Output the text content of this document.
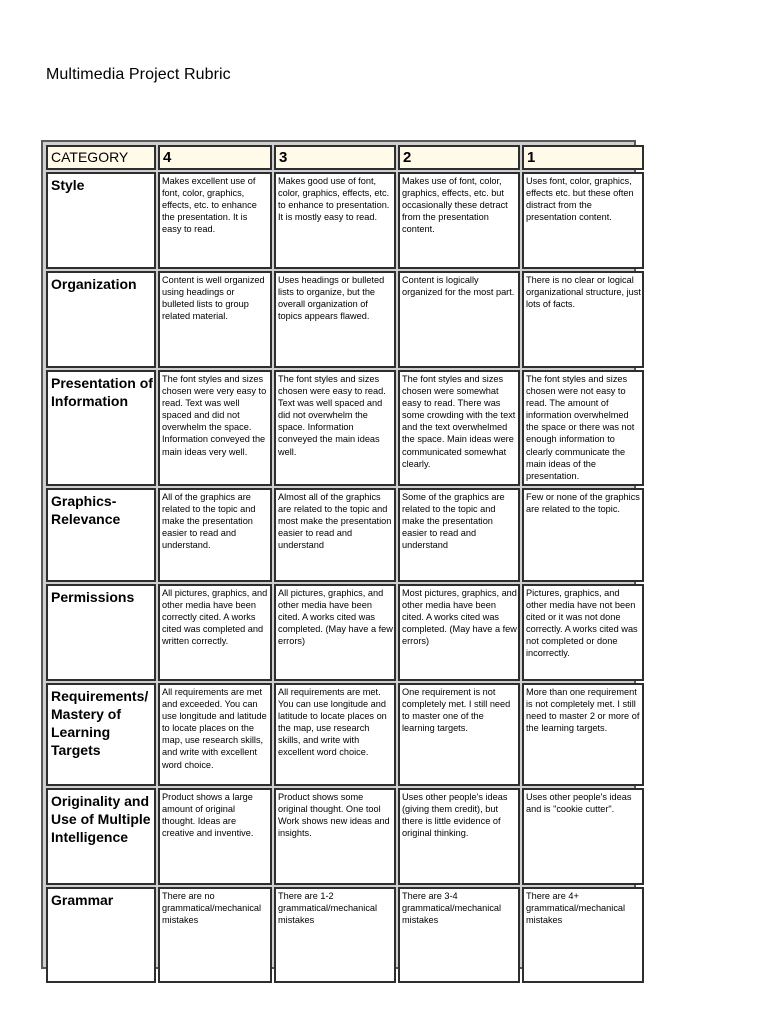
Multimedia Project Rubric
CATEGORY	4	3	2	1
Style	Makes excellent use of font, color, graphics, effects, etc. to enhance the presentation. It is easy to read.	Makes good use of font, color, graphics, effects, etc. to enhance to presentation. It is mostly easy to read.	Makes use of font, color, graphics, effects, etc. but occasionally these detract from the presentation content.	Uses font, color, graphics, effects etc. but these often distract from the presentation content.
Organization	Content is well organized using headings or bulleted lists to group related material.	Uses headings or bulleted lists to organize, but the overall organization of topics appears flawed.	Content is logically organized for the most part.	There is no clear or logical organizational structure, just lots of facts.
Presentation of Information	The font styles and sizes chosen were very easy to read. Text was well spaced and did not overwhelm the space. Information conveyed the main ideas very well.	The font styles and sizes chosen were easy to read. Text was well spaced and did not overwhelm the space. Information conveyed the main ideas well.	The font styles and sizes chosen were somewhat easy to read. There was some crowding with the text and the text overwhelmed the space. Main ideas were communicated somewhat clearly.	The font styles and sizes chosen were not easy to read. The amount of information overwhelmed the space or there was not enough information to clearly communicate the main ideas of the presentation.
Graphics- Relevance	All of the graphics are related to the topic and make the presentation easier to read and understand.	Almost all of the graphics are related to the topic and most make the presentation easier to read and understand	Some of the graphics are related to the topic and make the presentation easier to read and understand	Few or none of the graphics are related to the topic.
Permissions	All pictures, graphics, and other media have been correctly cited. A works cited was completed and written correctly.	All pictures, graphics, and other media have been cited. A works cited was completed. (May have a few errors)	Most pictures, graphics, and other media have been cited. A works cited was completed. (May have a few errors)	Pictures, graphics, and other media have not been cited or it was not done correctly. A works cited was not completed or done incorrectly.
Requirements/ Mastery of Learning Targets	All requirements are met and exceeded. You can use longitude and latitude to locate places on the map, use research skills, and write with excellent word choice.	All requirements are met. You can use longitude and latitude to locate places on the map, use research skills, and write with excellent word choice.	One requirement is not completely met. I still need to master one of the learning targets.	More than one requirement is not completely met. I still need to master 2 or more of the learning targets.
Originality and Use of Multiple Intelligence	Product shows a large amount of original thought. Ideas are creative and inventive.	Product shows some original thought. One tool Work shows new ideas and insights.	Uses other people's ideas (giving them credit), but there is little evidence of original thinking.	Uses other people's ideas and is "cookie cutter".
Grammar	There are no grammatical/mechanical mistakes	There are 1-2 grammatical/mechanical mistakes	There are 3-4 grammatical/mechanical mistakes	There are 4+ grammatical/mechanical mistakes
